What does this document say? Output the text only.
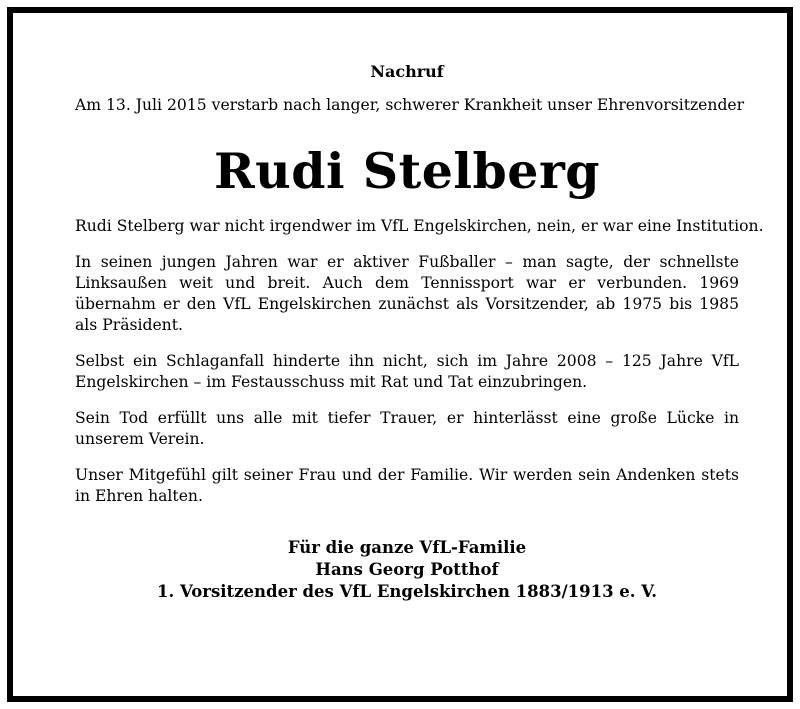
Nachruf

Am 13. Juli 2015 verstarb nach langer, schwerer Krankheit unser Ehrenvorsitzender

Rudi Stelberg

Rudi Stelberg war nicht irgendwer im VfL Engelskirchen, nein, er war eine Institution.

In seinen jungen Jahren war er aktiver Fußballer – man sagte, der schnellste Linksaußen weit und breit. Auch dem Tennissport war er verbunden. 1969 übernahm er den VfL Engelskirchen zunächst als Vorsitzender, ab 1975 bis 1985 als Präsident.

Selbst ein Schlaganfall hinderte ihn nicht, sich im Jahre 2008 – 125 Jahre VfL Engelskirchen – im Festausschuss mit Rat und Tat einzubringen.

Sein Tod erfüllt uns alle mit tiefer Trauer, er hinterlässt eine große Lücke in unserem Verein.

Unser Mitgefühl gilt seiner Frau und der Familie. Wir werden sein Andenken stets in Ehren halten.

Für die ganze VfL-Familie
Hans Georg Potthof
1. Vorsitzender des VfL Engelskirchen 1883/1913 e. V.
